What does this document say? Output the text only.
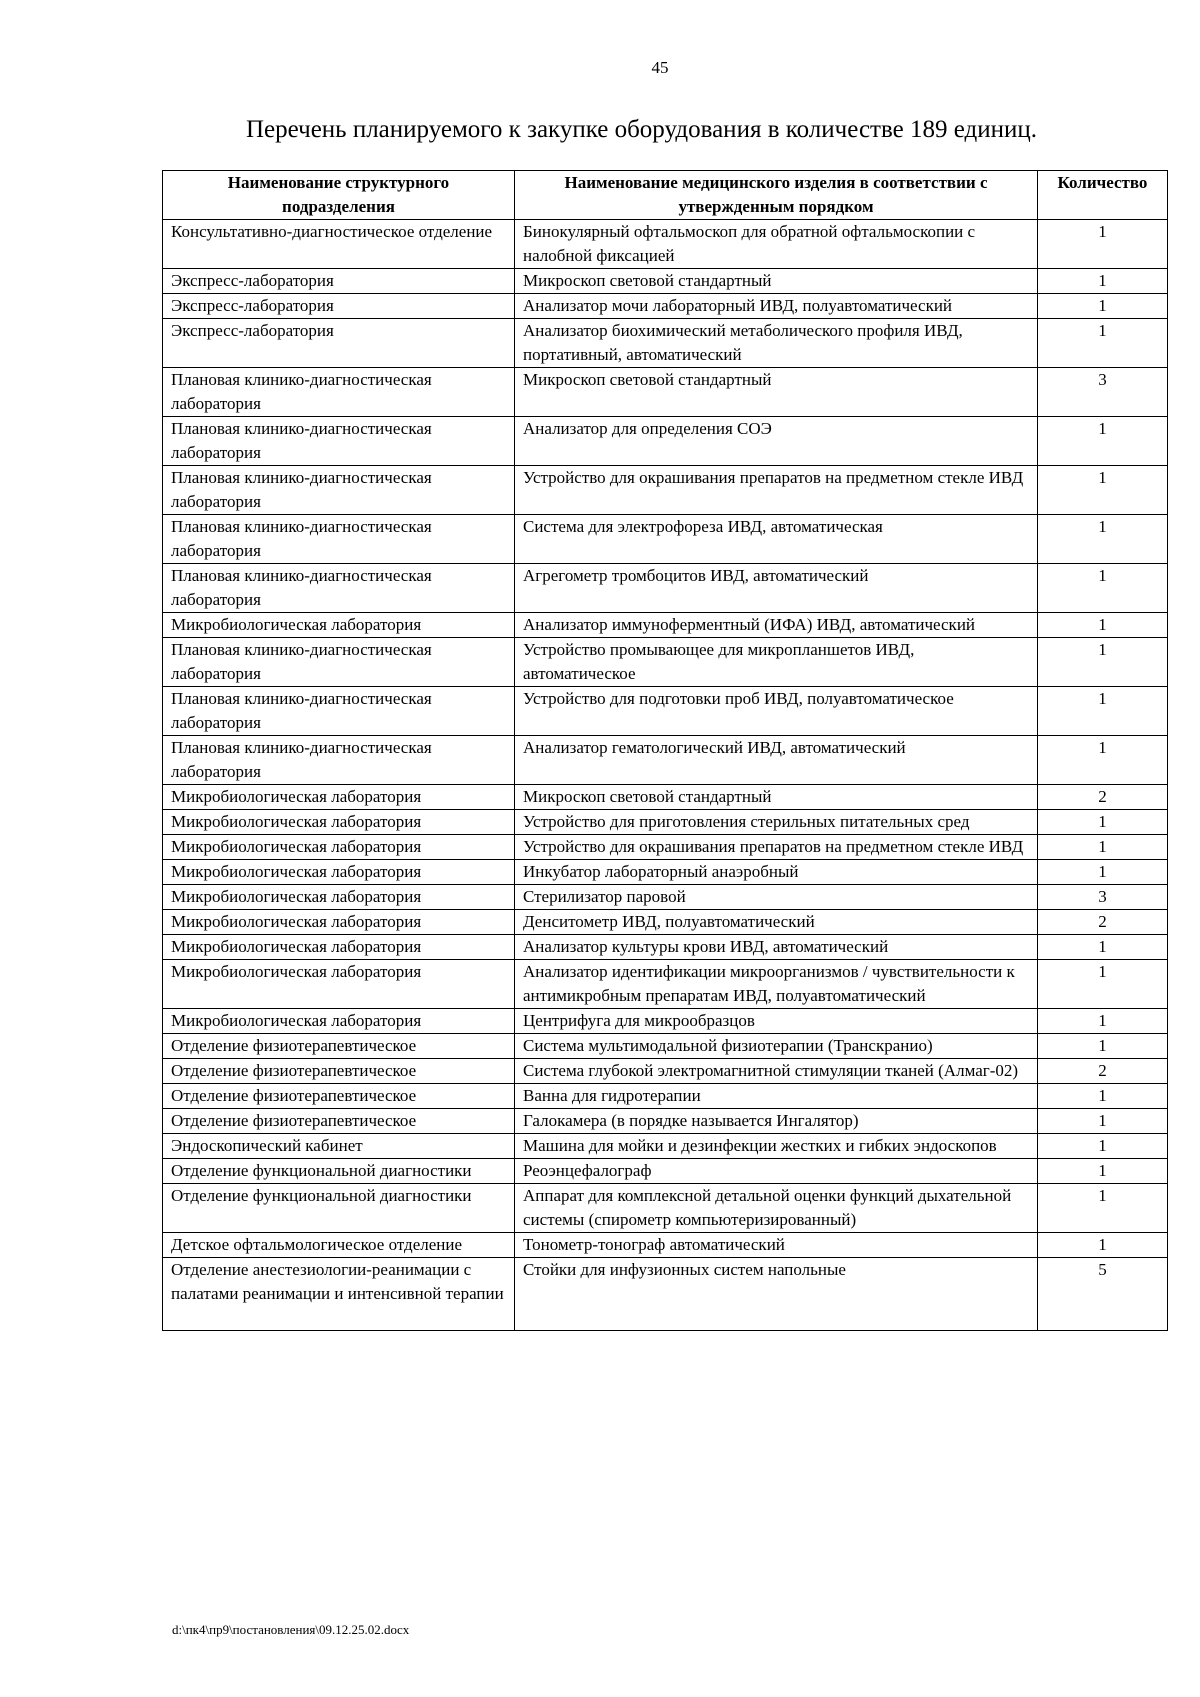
45
Перечень планируемого к закупке оборудования в количестве 189 единиц.
Наименование структурного подразделения	Наименование медицинского изделия в соответствии с утвержденным порядком	Количество
Консультативно-диагностическое отделение	Бинокулярный офтальмоскоп для обратной офтальмоскопии с налобной фиксацией	1
Экспресс-лаборатория	Микроскоп световой стандартный	1
Экспресс-лаборатория	Анализатор мочи лабораторный ИВД, полуавтоматический	1
Экспресс-лаборатория	Анализатор биохимический метаболического профиля ИВД, портативный, автоматический	1
Плановая клинико-диагностическая лаборатория	Микроскоп световой стандартный	3
Плановая клинико-диагностическая лаборатория	Анализатор для определения СОЭ	1
Плановая клинико-диагностическая лаборатория	Устройство для окрашивания препаратов на предметном стекле ИВД	1
Плановая клинико-диагностическая лаборатория	Система для электрофореза ИВД, автоматическая	1
Плановая клинико-диагностическая лаборатория	Агрегометр тромбоцитов ИВД, автоматический	1
Микробиологическая лаборатория	Анализатор иммуноферментный (ИФА) ИВД, автоматический	1
Плановая клинико-диагностическая лаборатория	Устройство промывающее для микропланшетов ИВД, автоматическое	1
Плановая клинико-диагностическая лаборатория	Устройство для подготовки проб ИВД, полуавтоматическое	1
Плановая клинико-диагностическая лаборатория	Анализатор гематологический ИВД, автоматический	1
Микробиологическая лаборатория	Микроскоп световой стандартный	2
Микробиологическая лаборатория	Устройство для приготовления стерильных питательных сред	1
Микробиологическая лаборатория	Устройство для окрашивания препаратов на предметном стекле ИВД	1
Микробиологическая лаборатория	Инкубатор лабораторный анаэробный	1
Микробиологическая лаборатория	Стерилизатор паровой	3
Микробиологическая лаборатория	Денситометр ИВД, полуавтоматический	2
Микробиологическая лаборатория	Анализатор культуры крови ИВД, автоматический	1
Микробиологическая лаборатория	Анализатор идентификации микроорганизмов / чувствительности к антимикробным препаратам ИВД, полуавтоматический	1
Микробиологическая лаборатория	Центрифуга для микрообразцов	1
Отделение физиотерапевтическое	Система мультимодальной физиотерапии (Транскранио)	1
Отделение физиотерапевтическое	Система глубокой электромагнитной стимуляции тканей (Алмаг-02)	2
Отделение физиотерапевтическое	Ванна для гидротерапии	1
Отделение физиотерапевтическое	Галокамера (в порядке называется Ингалятор)	1
Эндоскопический кабинет	Машина для мойки и дезинфекции жестких и гибких эндоскопов	1
Отделение функциональной диагностики	Реоэнцефалограф	1
Отделение функциональной диагностики	Аппарат для комплексной детальной оценки функций дыхательной системы (спирометр компьютеризированный)	1
Детское офтальмологическое отделение	Тонометр-тонограф автоматический	1
Отделение анестезиологии-реанимации с палатами реанимации и интенсивной терапии	Стойки для инфузионных систем напольные	5
d:\пк4\пр9\постановления\09.12.25.02.docx
